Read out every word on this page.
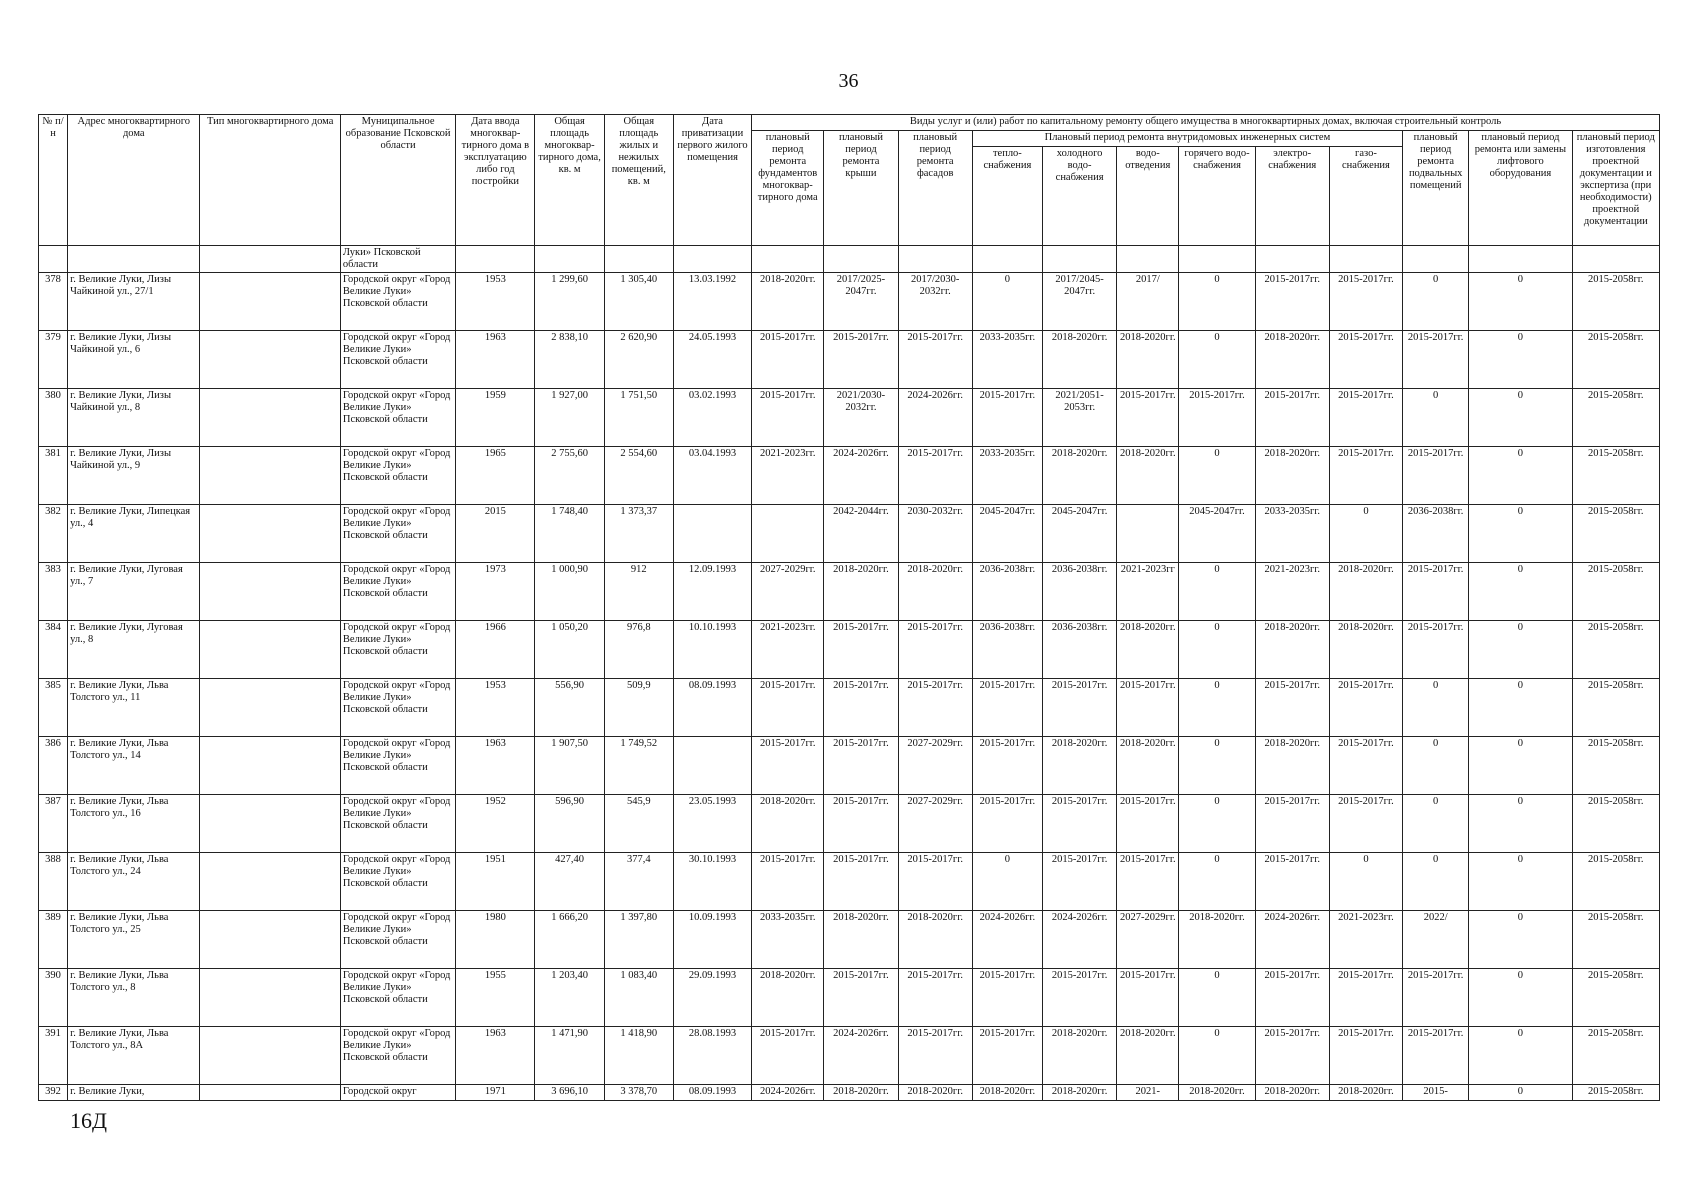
36
№ п/н	Адрес многоквартирного дома	Тип многоквартирного дома	Муниципальное образование Псковской области	Дата ввода многоквар-тирного дома в эксплуатацию либо год постройки	Общая площадь многоквар-тирного дома, кв. м	Общая площадь жилых и нежилых помещений, кв. м	Дата приватизации первого жилого помещения	Виды услуг и (или) работ по капитальному ремонту общего имущества в многоквартирных домах, включая строительный контроль											
								плановый период ремонта фундаментов многоквар-тирного дома	плановый период ремонта крыши	плановый период ремонта фасадов	Плановый период ремонта внутридомовых инженерных систем						плановый период ремонта подвальных помещений	плановый период ремонта или замены лифтового оборудования	плановый период изготовления проектной документации и экспертиза (при необходимости) проектной документации
											тепло-снабжения	холодного водо-снабжения	водо-отведения	горячего водо-снабжения	электро-снабжения	газо-снабжения			
			Луки» Псковской области																
378	г. Великие Луки, Лизы Чайкиной ул., 27/1		Городской округ «Город Великие Луки» Псковской области	1953	1 299,60	1 305,40	13.03.1992	2018-2020гг.	2017/2025-2047гг.	2017/2030-2032гг.	0	2017/2045-2047гг.	2017/	0	2015-2017гг.	2015-2017гг.	0	0	2015-2058гг.
379	г. Великие Луки, Лизы Чайкиной ул., 6		Городской округ «Город Великие Луки» Псковской области	1963	2 838,10	2 620,90	24.05.1993	2015-2017гг.	2015-2017гг.	2015-2017гг.	2033-2035гг.	2018-2020гг.	2018-2020гг.	0	2018-2020гг.	2015-2017гг.	2015-2017гг.	0	2015-2058гг.
380	г. Великие Луки, Лизы Чайкиной ул., 8		Городской округ «Город Великие Луки» Псковской области	1959	1 927,00	1 751,50	03.02.1993	2015-2017гг.	2021/2030-2032гг.	2024-2026гг.	2015-2017гг.	2021/2051-2053гг.	2015-2017гг.	2015-2017гг.	2015-2017гг.	2015-2017гг.	0	0	2015-2058гг.
381	г. Великие Луки, Лизы Чайкиной ул., 9		Городской округ «Город Великие Луки» Псковской области	1965	2 755,60	2 554,60	03.04.1993	2021-2023гг.	2024-2026гг.	2015-2017гг.	2033-2035гг.	2018-2020гг.	2018-2020гг.	0	2018-2020гг.	2015-2017гг.	2015-2017гг.	0	2015-2058гг.
382	г. Великие Луки, Липецкая ул., 4		Городской округ «Город Великие Луки» Псковской области	2015	1 748,40	1 373,37			2042-2044гг.	2030-2032гг.	2045-2047гг.	2045-2047гг.		2045-2047гг.	2033-2035гг.	0	2036-2038гг.	0	2015-2058гг.
383	г. Великие Луки, Луговая ул., 7		Городской округ «Город Великие Луки» Псковской области	1973	1 000,90	912	12.09.1993	2027-2029гг.	2018-2020гг.	2018-2020гг.	2036-2038гг.	2036-2038гг.	2021-2023гг	0	2021-2023гг.	2018-2020гг.	2015-2017гг.	0	2015-2058гг.
384	г. Великие Луки, Луговая ул., 8		Городской округ «Город Великие Луки» Псковской области	1966	1 050,20	976,8	10.10.1993	2021-2023гг.	2015-2017гг.	2015-2017гг.	2036-2038гг.	2036-2038гг.	2018-2020гг.	0	2018-2020гг.	2018-2020гг.	2015-2017гг.	0	2015-2058гг.
385	г. Великие Луки, Льва Толстого ул., 11		Городской округ «Город Великие Луки» Псковской области	1953	556,90	509,9	08.09.1993	2015-2017гг.	2015-2017гг.	2015-2017гг.	2015-2017гг.	2015-2017гг.	2015-2017гг.	0	2015-2017гг.	2015-2017гг.	0	0	2015-2058гг.
386	г. Великие Луки, Льва Толстого ул., 14		Городской округ «Город Великие Луки» Псковской области	1963	1 907,50	1 749,52		2015-2017гг.	2015-2017гг.	2027-2029гг.	2015-2017гг.	2018-2020гг.	2018-2020гг.	0	2018-2020гг.	2015-2017гг.	0	0	2015-2058гг.
387	г. Великие Луки, Льва Толстого ул., 16		Городской округ «Город Великие Луки» Псковской области	1952	596,90	545,9	23.05.1993	2018-2020гг.	2015-2017гг.	2027-2029гг.	2015-2017гг.	2015-2017гг.	2015-2017гг.	0	2015-2017гг.	2015-2017гг.	0	0	2015-2058гг.
388	г. Великие Луки, Льва Толстого ул., 24		Городской округ «Город Великие Луки» Псковской области	1951	427,40	377,4	30.10.1993	2015-2017гг.	2015-2017гг.	2015-2017гг.	0	2015-2017гг.	2015-2017гг.	0	2015-2017гг.	0	0	0	2015-2058гг.
389	г. Великие Луки, Льва Толстого ул., 25		Городской округ «Город Великие Луки» Псковской области	1980	1 666,20	1 397,80	10.09.1993	2033-2035гг.	2018-2020гг.	2018-2020гг.	2024-2026гг.	2024-2026гг.	2027-2029гг.	2018-2020гг.	2024-2026гг.	2021-2023гг.	2022/	0	2015-2058гг.
390	г. Великие Луки, Льва Толстого ул., 8		Городской округ «Город Великие Луки» Псковской области	1955	1 203,40	1 083,40	29.09.1993	2018-2020гг.	2015-2017гг.	2015-2017гг.	2015-2017гг.	2015-2017гг.	2015-2017гг.	0	2015-2017гг.	2015-2017гг.	2015-2017гг.	0	2015-2058гг.
391	г. Великие Луки, Льва Толстого ул., 8А		Городской округ «Город Великие Луки» Псковской области	1963	1 471,90	1 418,90	28.08.1993	2015-2017гг.	2024-2026гг.	2015-2017гг.	2015-2017гг.	2018-2020гг.	2018-2020гг.	0	2015-2017гг.	2015-2017гг.	2015-2017гг.	0	2015-2058гг.
392	г. Великие Луки,		Городской округ	1971	3 696,10	3 378,70	08.09.1993	2024-2026гг.	2018-2020гг.	2018-2020гг.	2018-2020гг.	2018-2020гг.	2021-	2018-2020гг.	2018-2020гг.	2018-2020гг.	2015-	0	2015-2058гг.
16Д
